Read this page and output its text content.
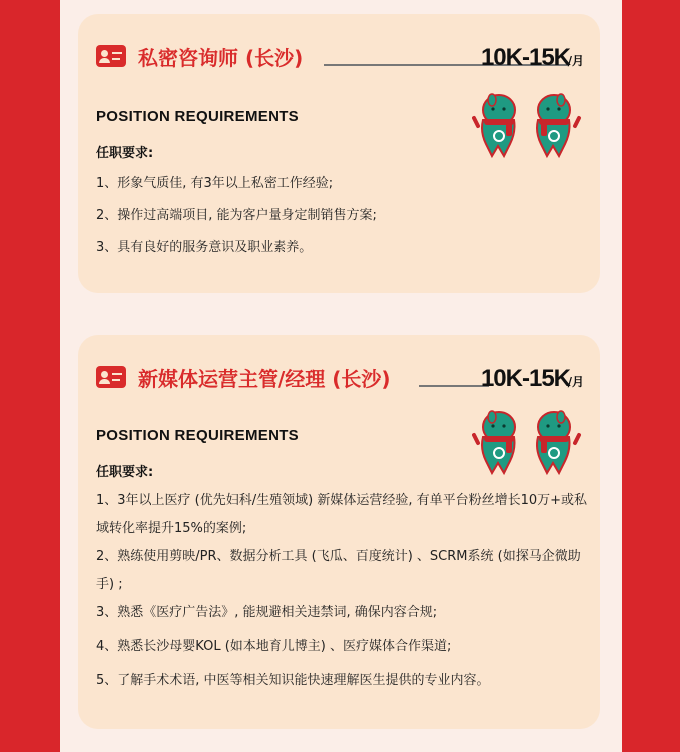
私密咨询师 (长沙)	10K-15K
/月
POSITION REQUIREMENTS
任职要求:
1、形象气质佳, 有3年以上私密工作经验;
2、操作过高端项目, 能为客户量身定制销售方案;
3、具有良好的服务意识及职业素养。
新媒体运营主管/经理 (长沙)	10K-15K
/月
POSITION REQUIREMENTS
任职要求:
1、3年以上医疗 (优先妇科/生殖领域) 新媒体运营经验, 有单平台粉丝增长10万+或私域转化率提升15%的案例;
2、熟练使用剪映/PR、数据分析工具 (飞瓜、百度统计) 、SCRM系统 (如探马企微助手) ;
3、熟悉《医疗广告法》, 能规避相关违禁词, 确保内容合规;
4、熟悉长沙母婴KOL (如本地育儿博主) 、医疗媒体合作渠道;
5、了解手术术语, 中医等相关知识能快速理解医生提供的专业内容。
